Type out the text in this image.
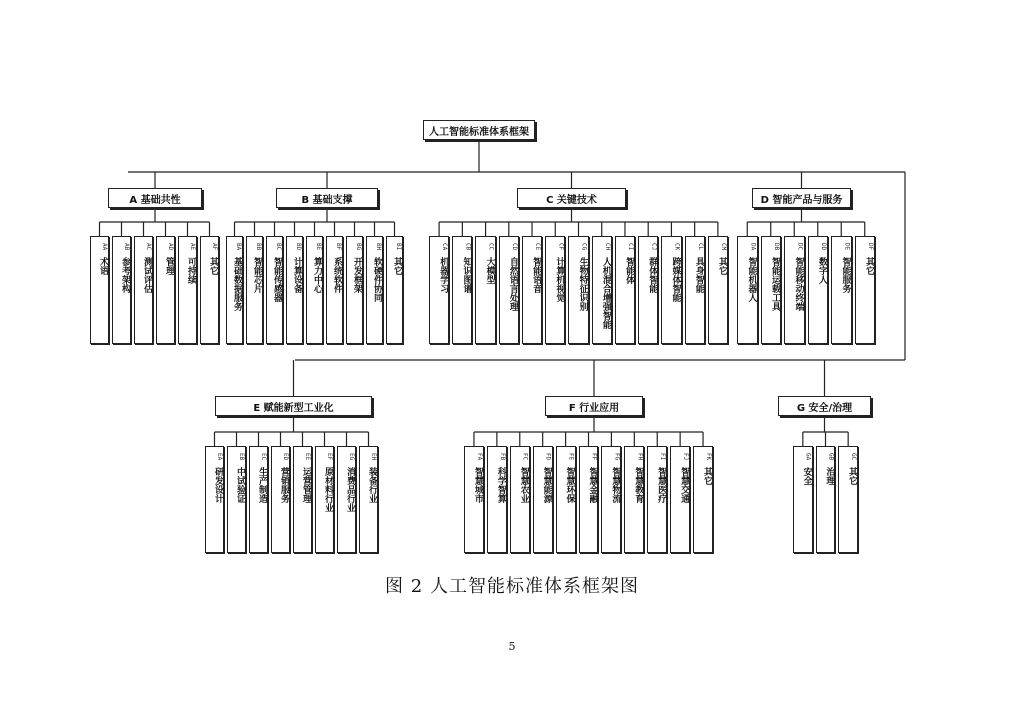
人工智能标准体系框架
A 基础共性
AA
术语
AB
参考架构
AC
测试评估
AD
管理
AE
可持续
AF
其它
B 基础支撑
BA
基础数据服务
BB
智能芯片
BC
智能传感器
BD
计算设备
BE
算力中心
BF
系统软件
BG
开发框架
BH
软硬件协同
BI
其它
C 关键技术
CA
机器学习
CB
知识图谱
CC
大模型
CD
自然语言处理
CE
智能语音
CF
计算机视觉
CG
生物特征识别
CH
人机混合增强智能
CI
智能体
CJ
群体智能
CK
跨媒体智能
CL
具身智能
CM
其它
D 智能产品与服务
DA
智能机器人
DB
智能运载工具
DC
智能移动终端
DD
数字人
DE
智能服务
DF
其它
E 赋能新型工业化
EA
研发设计
EB
中试验证
EC
生产制造
ED
营销服务
EE
运营管理
EF
原材料行业
EG
消费品行业
EH
装备行业
F 行业应用
FA
智慧城市
FB
科学智算
FC
智慧农业
FD
智慧能源
FE
智慧环保
FF
智慧金融
FG
智慧物流
FH
智慧教育
FI
智慧医疗
FJ
智慧交通
FK
其它
G 安全/治理
GA
安全
GB
治理
GC
其它
图 2 人工智能标准体系框架图
5
